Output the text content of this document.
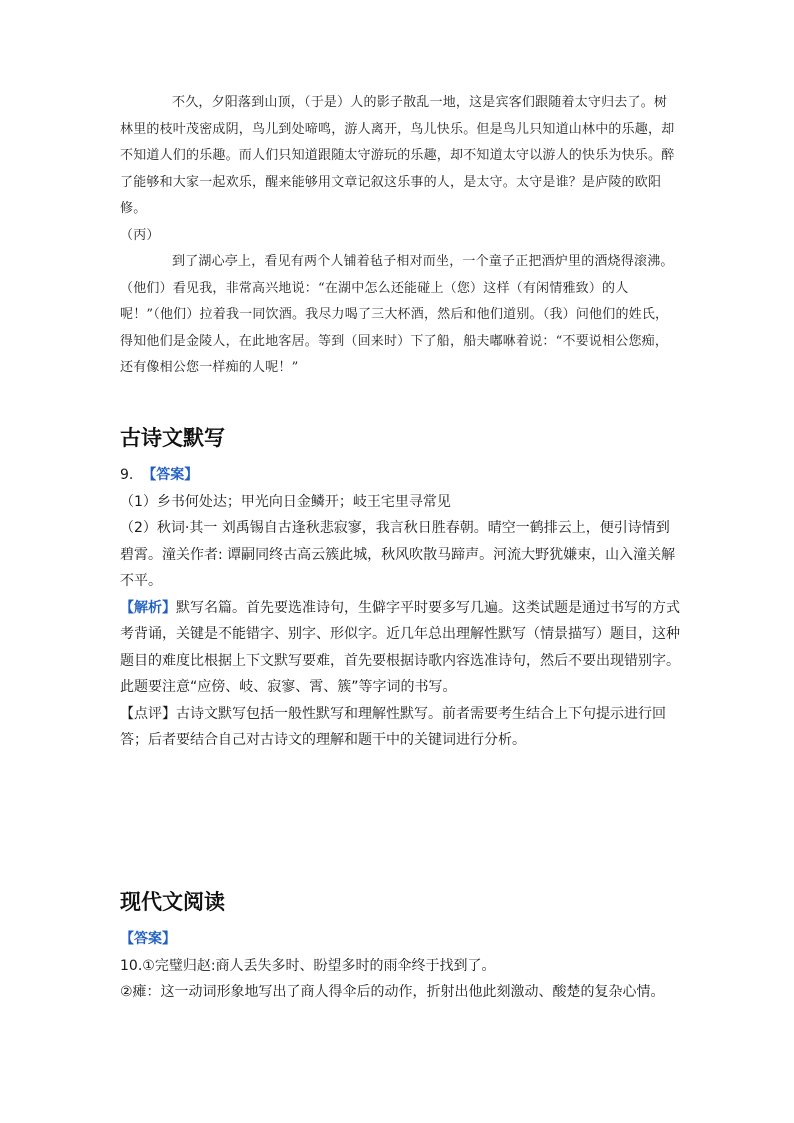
不久，夕阳落到山顶，（于是）人的影子散乱一地，这是宾客们跟随着太守归去了。树林里的枝叶茂密成阴，鸟儿到处啼鸣，游人离开，鸟儿快乐。但是鸟儿只知道山林中的乐趣，却不知道人们的乐趣。而人们只知道跟随太守游玩的乐趣，却不知道太守以游人的快乐为快乐。醉了能够和大家一起欢乐，醒来能够用文章记叙这乐事的人，是太守。太守是谁？是庐陵的欧阳修。

（丙）

到了湖心亭上，看见有两个人铺着毡子相对而坐，一个童子正把酒炉里的酒烧得滚沸。（他们）看见我，非常高兴地说：“在湖中怎么还能碰上（您）这样（有闲情雅致）的人呢！”（他们）拉着我一同饮酒。我尽力喝了三大杯酒，然后和他们道别。（我）问他们的姓氏，得知他们是金陵人，在此地客居。等到（回来时）下了船，船夫嘟咻着说：“不要说相公您痴，还有像相公您一样痴的人呢！”

古诗文默写

9. 【答案】

（1）乡书何处达；甲光向日金鳞开；岐王宅里寻常见

（2）秋词·其一 刘禹锡自古逢秋悲寂寥，我言秋日胜春朝。晴空一鹤排云上，便引诗情到碧霄。潼关作者: 谭嗣同终古高云簇此城，秋风吹散马蹄声。河流大野犹嫌束，山入潼关解不平。

【解析】默写名篇。首先要选准诗句，生僻字平时要多写几遍。这类试题是通过书写的方式考背诵，关键是不能错字、别字、形似字。近几年总出理解性默写（情景描写）题目，这种题目的难度比根据上下文默写要难，首先要根据诗歌内容选准诗句，然后不要出现错别字。此题要注意“应傍、岐、寂寥、霄、簇”等字词的书写。

【点评】古诗文默写包括一般性默写和理解性默写。前者需要考生结合上下句提示进行回答；后者要结合自己对古诗文的理解和题干中的关键词进行分析。

现代文阅读

【答案】

10.①完璧归赵:商人丢失多时、盼望多时的雨伞终于找到了。

②瘫：这一动词形象地写出了商人得伞后的动作，折射出他此刻激动、酸楚的复杂心情。
